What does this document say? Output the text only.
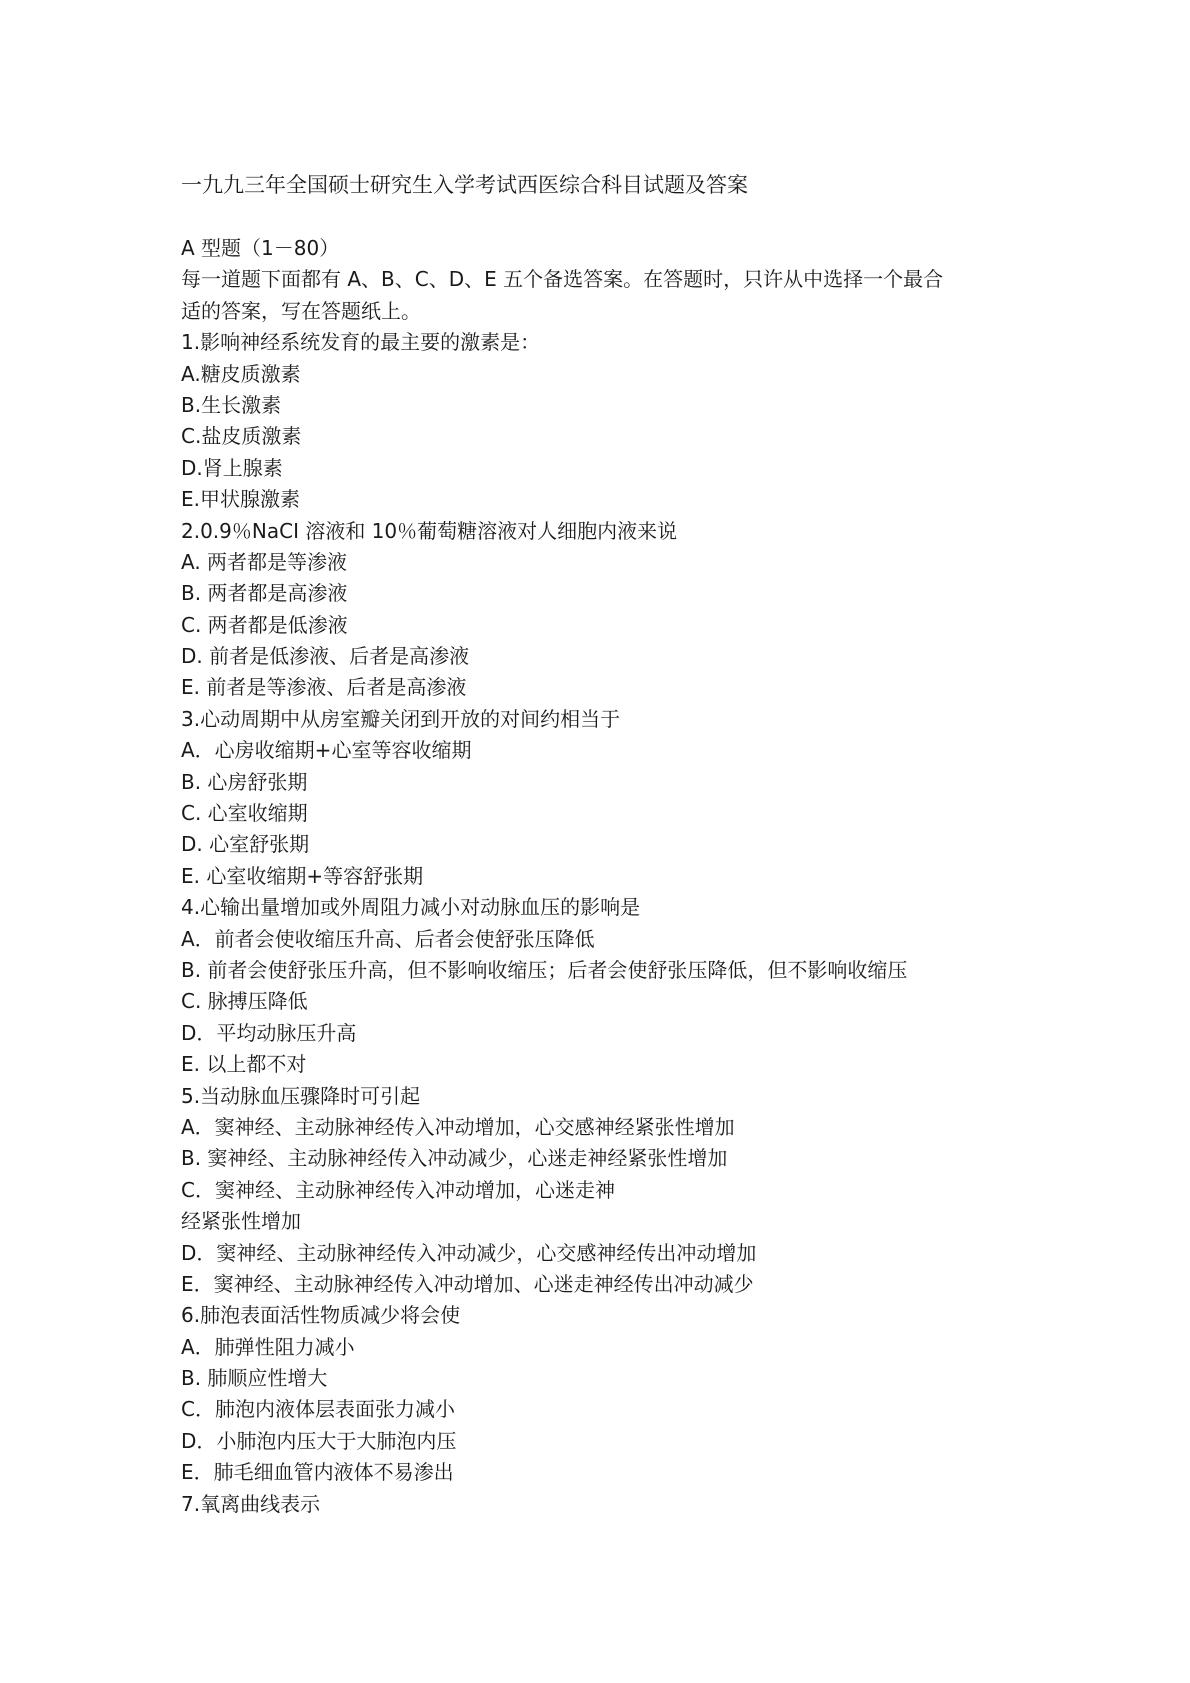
一九九三年全国硕士研究生入学考试西医综合科目试题及答案
A 型题（1－80）
每一道题下面都有 A、B、C、D、E 五个备选答案。在答题时，只许从中选择一个最合
适的答案，写在答题纸上。
1.影响神经系统发育的最主要的激素是：
A.糖皮质激素
B.生长激素
C.盐皮质激素
D.肾上腺素
E.甲状腺激素
2.0.9％NaCI 溶液和 10％葡萄糖溶液对人细胞内液来说
A. 两者都是等渗液
B. 两者都是高渗液
C. 两者都是低渗液
D. 前者是低渗液、后者是高渗液
E. 前者是等渗液、后者是高渗液
3.心动周期中从房室瓣关闭到开放的对间约相当于
A．心房收缩期+心室等容收缩期
B. 心房舒张期
C. 心室收缩期
D. 心室舒张期
E. 心室收缩期+等容舒张期
4.心输出量增加或外周阻力减小对动脉血压的影响是
A．前者会使收缩压升高、后者会使舒张压降低
B. 前者会使舒张压升高，但不影响收缩压；后者会使舒张压降低，但不影响收缩压
C. 脉搏压降低
D．平均动脉压升高
E. 以上都不对
5.当动脉血压骤降时可引起
A．窦神经、主动脉神经传入冲动增加，心交感神经紧张性增加
B. 窦神经、主动脉神经传入冲动减少，心迷走神经紧张性增加
C．窦神经、主动脉神经传入冲动增加，心迷走神
经紧张性增加
D．窦神经、主动脉神经传入冲动减少，心交感神经传出冲动增加
E．窦神经、主动脉神经传入冲动增加、心迷走神经传出冲动减少
6.肺泡表面活性物质减少将会使
A．肺弹性阻力减小
B. 肺顺应性增大
C．肺泡内液体层表面张力减小
D．小肺泡内压大于大肺泡内压
E．肺毛细血管内液体不易渗出
7.氧离曲线表示
